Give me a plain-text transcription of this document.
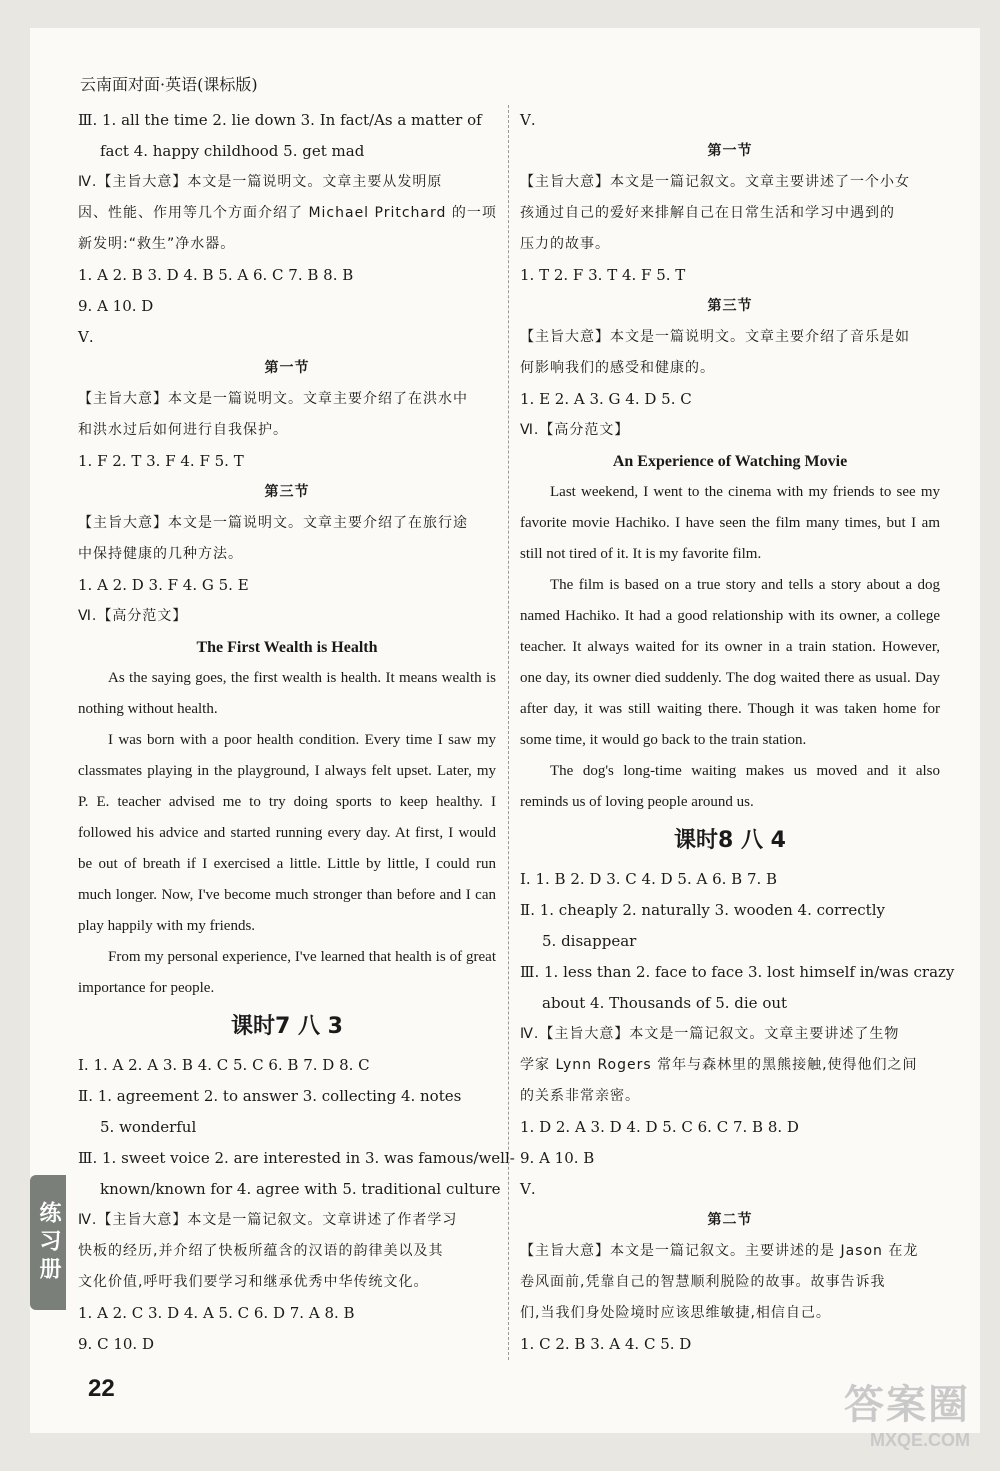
云南面对面·英语(课标版)
Ⅲ. 1. all the time 2. lie down 3. In fact/As a matter of
fact 4. happy childhood 5. get mad
Ⅳ.【主旨大意】本文是一篇说明文。文章主要从发明原
因、性能、作用等几个方面介绍了 Michael Pritchard 的一项
新发明:“救生”净水器。
1. A 2. B 3. D 4. B 5. A 6. C 7. B 8. B
9. A 10. D
Ⅴ.
第一节
【主旨大意】本文是一篇说明文。文章主要介绍了在洪水中
和洪水过后如何进行自我保护。
1. F 2. T 3. F 4. F 5. T
第三节
【主旨大意】本文是一篇说明文。文章主要介绍了在旅行途
中保持健康的几种方法。
1. A 2. D 3. F 4. G 5. E
Ⅵ.【高分范文】
The First Wealth is Health
As the saying goes, the first wealth is health. It means wealth is nothing without health.
I was born with a poor health condition. Every time I saw my classmates playing in the playground, I always felt upset. Later, my P. E. teacher advised me to try doing sports to keep healthy. I followed his advice and started running every day. At first, I would be out of breath if I exercised a little. Little by little, I could run much longer. Now, I've become much stronger than before and I can play happily with my friends.
From my personal experience, I've learned that health is of great importance for people.
课时7 八 3
Ⅰ. 1. A 2. A 3. B 4. C 5. C 6. B 7. D 8. C
Ⅱ. 1. agreement 2. to answer 3. collecting 4. notes
5. wonderful
Ⅲ. 1. sweet voice 2. are interested in 3. was famous/well-
known/known for 4. agree with 5. traditional culture
Ⅳ.【主旨大意】本文是一篇记叙文。文章讲述了作者学习
快板的经历,并介绍了快板所蕴含的汉语的韵律美以及其
文化价值,呼吁我们要学习和继承优秀中华传统文化。
1. A 2. C 3. D 4. A 5. C 6. D 7. A 8. B
9. C 10. D
Ⅴ.
第一节
【主旨大意】本文是一篇记叙文。文章主要讲述了一个小女
孩通过自己的爱好来排解自己在日常生活和学习中遇到的
压力的故事。
1. T 2. F 3. T 4. F 5. T
第三节
【主旨大意】本文是一篇说明文。文章主要介绍了音乐是如
何影响我们的感受和健康的。
1. E 2. A 3. G 4. D 5. C
Ⅵ.【高分范文】
An Experience of Watching Movie
Last weekend, I went to the cinema with my friends to see my favorite movie Hachiko. I have seen the film many times, but I am still not tired of it. It is my favorite film.
The film is based on a true story and tells a story about a dog named Hachiko. It had a good relationship with its owner, a college teacher. It always waited for its owner in a train station. However, one day, its owner died suddenly. The dog waited there as usual. Day after day, it was still waiting there. Though it was taken home for some time, it would go back to the train station.
The dog's long-time waiting makes us moved and it also reminds us of loving people around us.
课时8 八 4
Ⅰ. 1. B 2. D 3. C 4. D 5. A 6. B 7. B
Ⅱ. 1. cheaply 2. naturally 3. wooden 4. correctly
5. disappear
Ⅲ. 1. less than 2. face to face 3. lost himself in/was crazy
about 4. Thousands of 5. die out
Ⅳ.【主旨大意】本文是一篇记叙文。文章主要讲述了生物
学家 Lynn Rogers 常年与森林里的黑熊接触,使得他们之间
的关系非常亲密。
1. D 2. A 3. D 4. D 5. C 6. C 7. B 8. D
9. A 10. B
Ⅴ.
第二节
【主旨大意】本文是一篇记叙文。主要讲述的是 Jason 在龙
卷风面前,凭靠自己的智慧顺利脱险的故事。故事告诉我
们,当我们身处险境时应该思维敏捷,相信自己。
1. C 2. B 3. A 4. C 5. D
练习册
22	答案圈
MXQE.COM
